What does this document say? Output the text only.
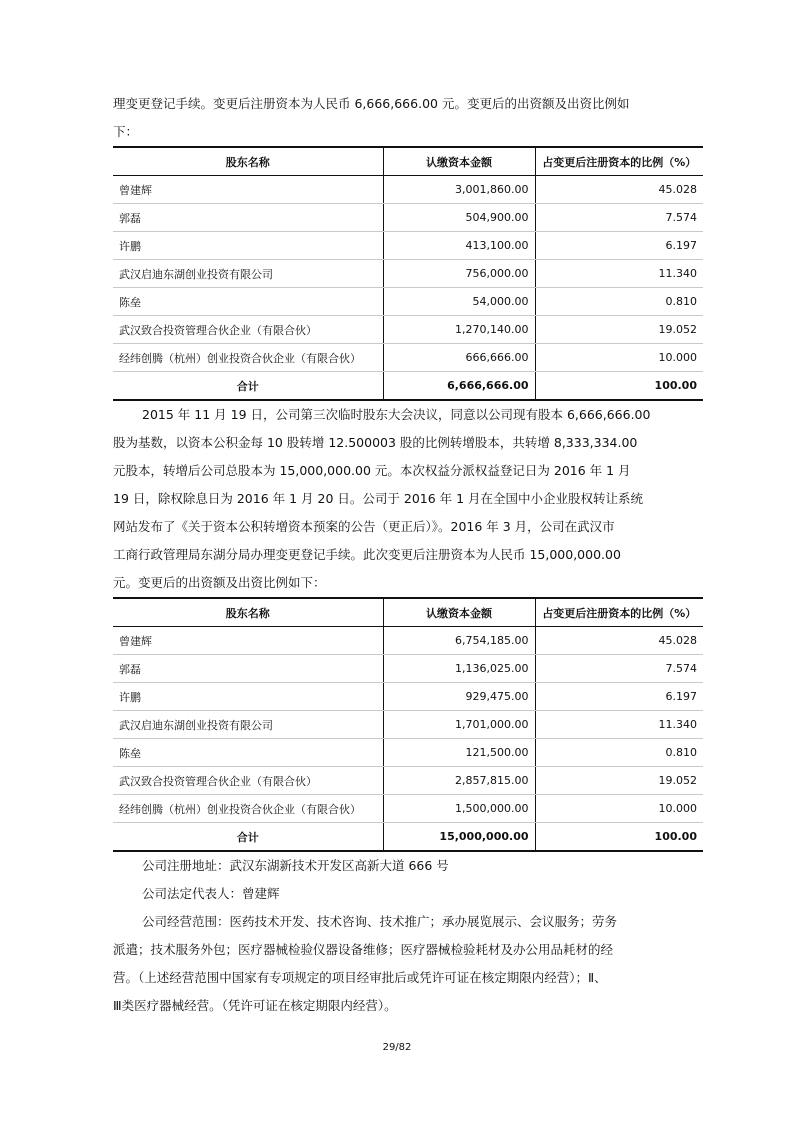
理变更登记手续。变更后注册资本为人民币 6,666,666.00 元。变更后的出资额及出资比例如

下：

股东名称	认缴资本金额	占变更后注册资本的比例（%）
曾建辉	3,001,860.00	45.028
郭磊	504,900.00	7.574
许鹏	413,100.00	6.197
武汉启迪东湖创业投资有限公司	756,000.00	11.340
陈垒	54,000.00	0.810
武汉致合投资管理合伙企业（有限合伙）	1,270,140.00	19.052
经纬创腾（杭州）创业投资合伙企业（有限合伙）	666,666.00	10.000
合计	6,666,666.00	100.00

2015 年 11 月 19 日，公司第三次临时股东大会决议，同意以公司现有股本 6,666,666.00

股为基数，以资本公积金每 10 股转增 12.500003 股的比例转增股本，共转增 8,333,334.00

元股本，转增后公司总股本为 15,000,000.00 元。本次权益分派权益登记日为 2016 年 1 月

19 日，除权除息日为 2016 年 1 月 20 日。公司于 2016 年 1 月在全国中小企业股权转让系统

网站发布了《关于资本公积转增资本预案的公告（更正后）》。2016 年 3 月，公司在武汉市

工商行政管理局东湖分局办理变更登记手续。此次变更后注册资本为人民币 15,000,000.00

元。变更后的出资额及出资比例如下：

股东名称	认缴资本金额	占变更后注册资本的比例（%）
曾建辉	6,754,185.00	45.028
郭磊	1,136,025.00	7.574
许鹏	929,475.00	6.197
武汉启迪东湖创业投资有限公司	1,701,000.00	11.340
陈垒	121,500.00	0.810
武汉致合投资管理合伙企业（有限合伙）	2,857,815.00	19.052
经纬创腾（杭州）创业投资合伙企业（有限合伙）	1,500,000.00	10.000
合计	15,000,000.00	100.00

公司注册地址：武汉东湖新技术开发区高新大道 666 号

公司法定代表人：曾建辉

公司经营范围：医药技术开发、技术咨询、技术推广；承办展览展示、会议服务；劳务

派遣；技术服务外包；医疗器械检验仪器设备维修；医疗器械检验耗材及办公用品耗材的经

营。（上述经营范围中国家有专项规定的项目经审批后或凭许可证在核定期限内经营）；Ⅱ、

Ⅲ类医疗器械经营。（凭许可证在核定期限内经营）。

29/82
